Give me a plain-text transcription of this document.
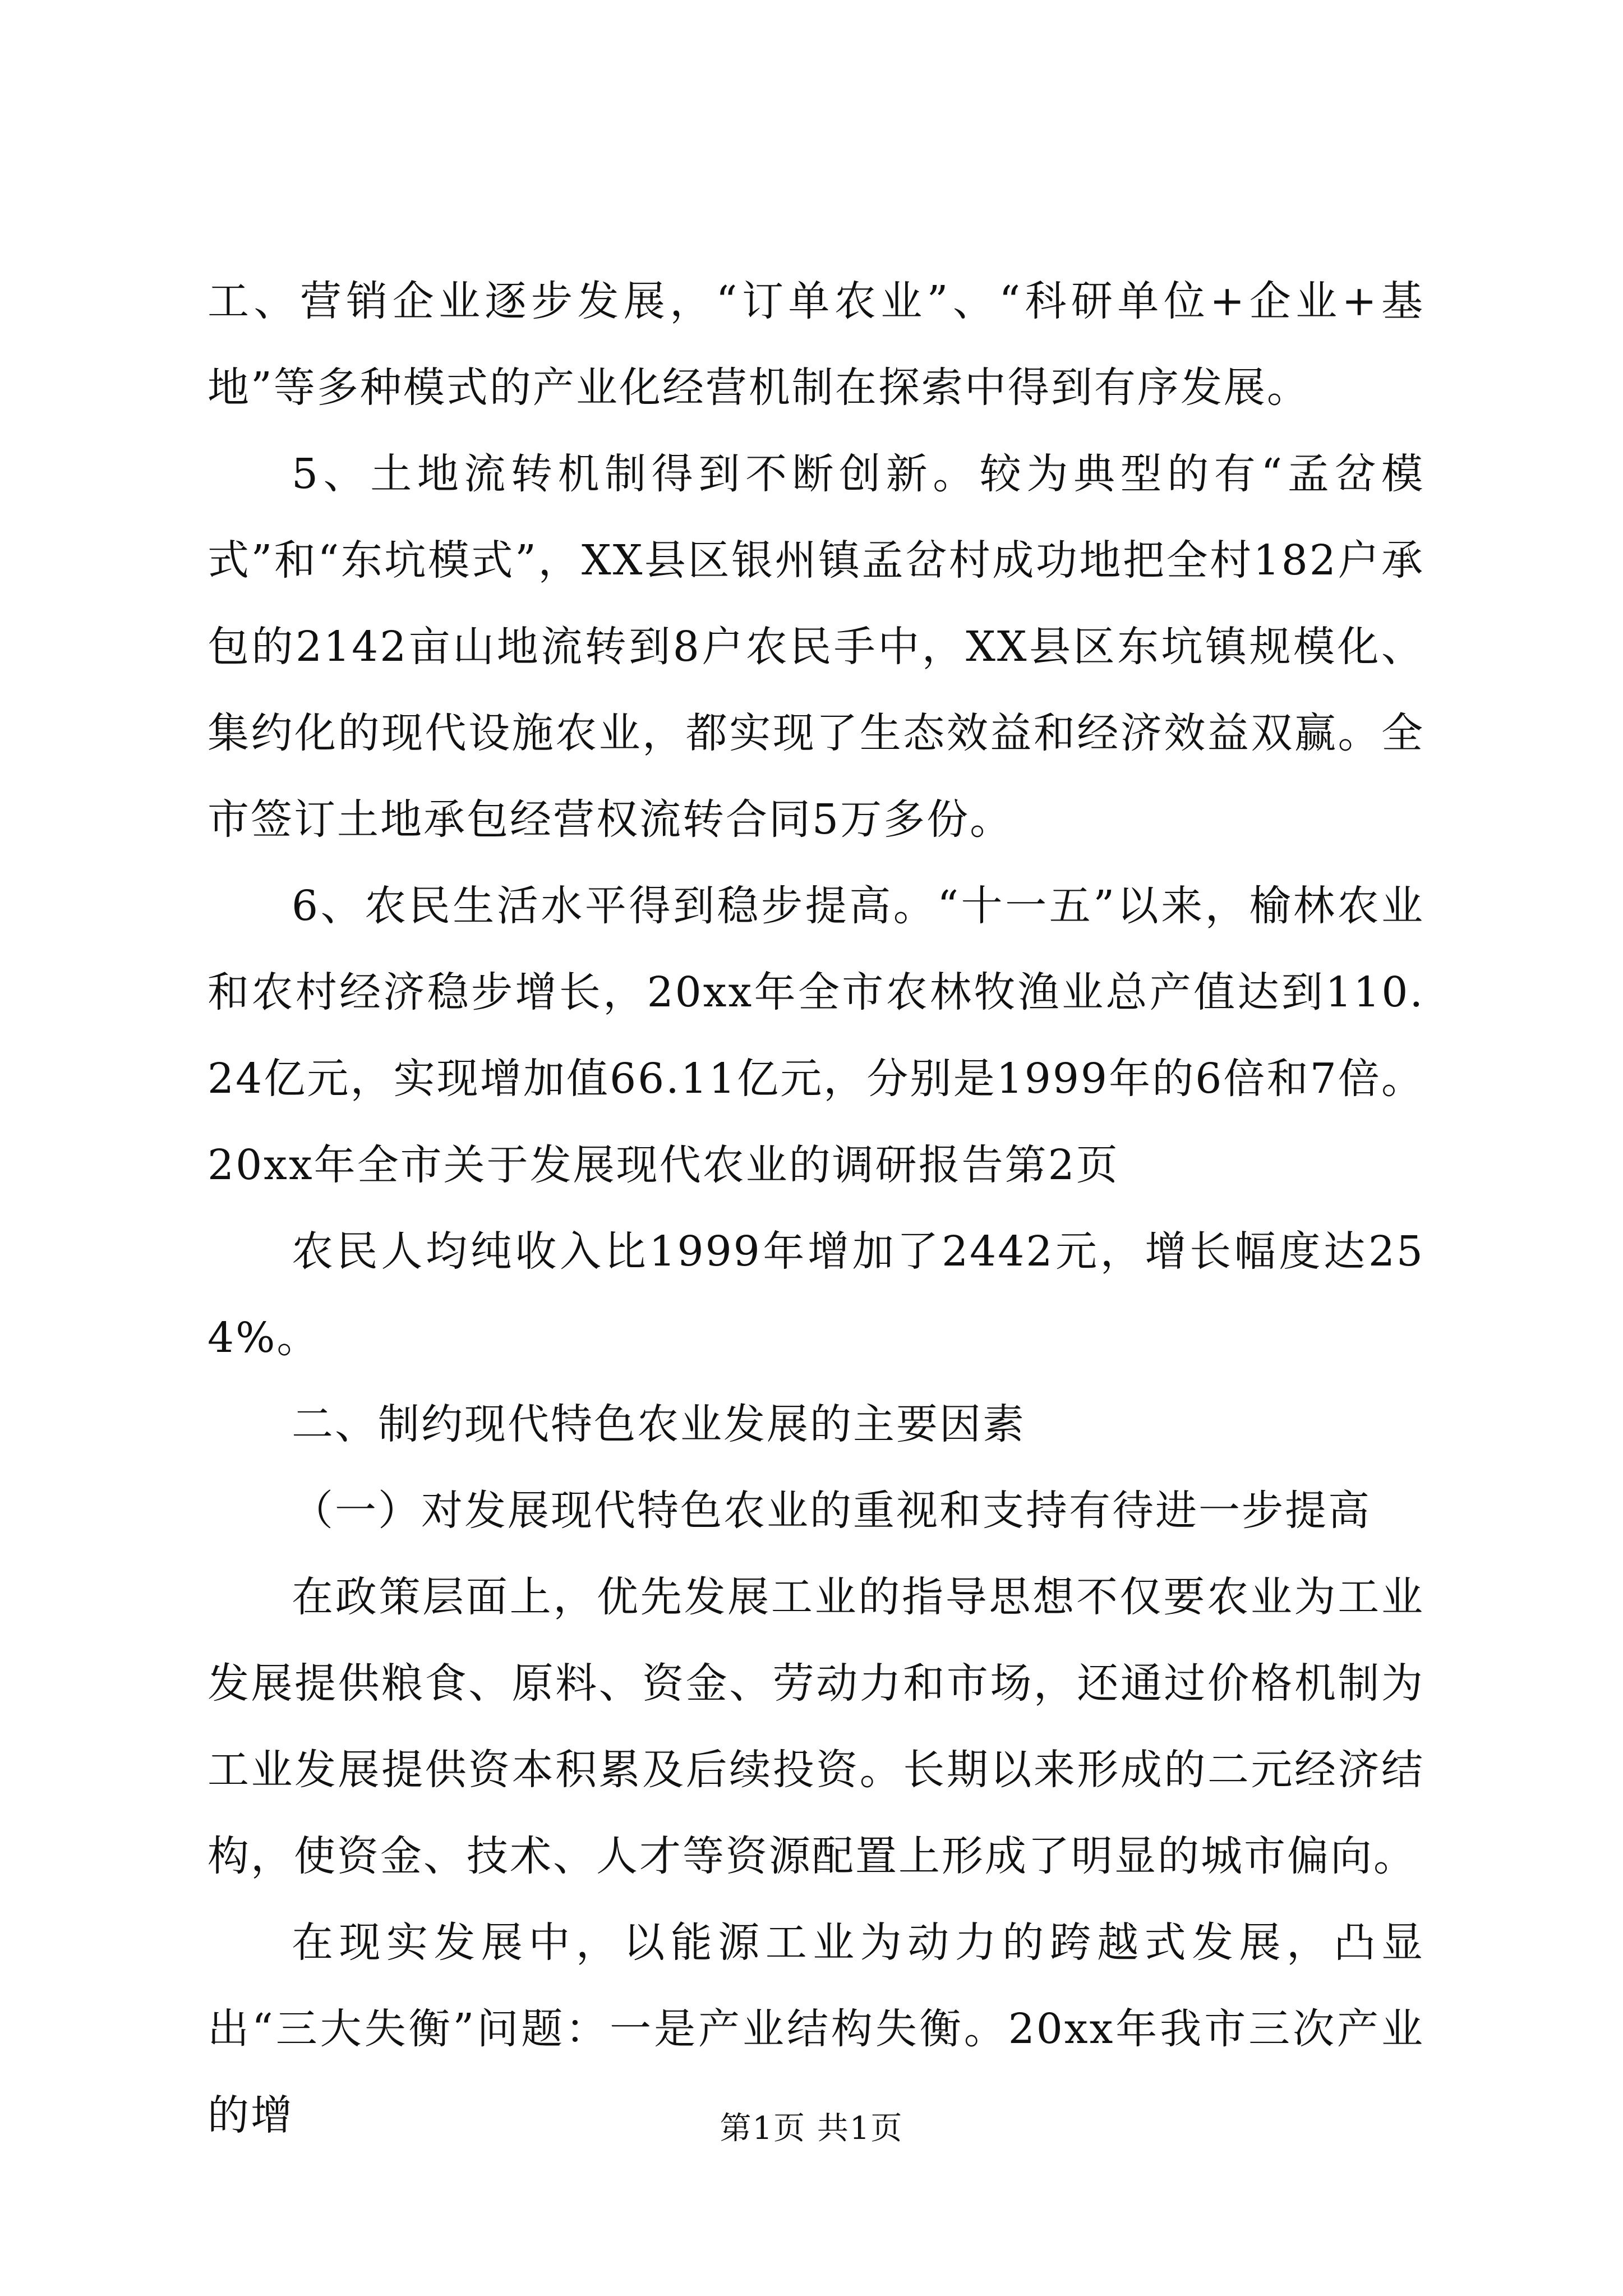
工、营销企业逐步发展，“订单农业”、“科研单位+企业+基地”等多种模式的产业化经营机制在探索中得到有序发展。

5、土地流转机制得到不断创新。较为典型的有“孟岔模式”和“东坑模式”，XX县区银州镇孟岔村成功地把全村182户承包的2142亩山地流转到8户农民手中，XX县区东坑镇规模化、集约化的现代设施农业，都实现了生态效益和经济效益双赢。全市签订土地承包经营权流转合同5万多份。

6、农民生活水平得到稳步提高。“十一五”以来，榆林农业和农村经济稳步增长，20xx年全市农林牧渔业总产值达到110.24亿元，实现增加值66.11亿元，分别是1999年的6倍和7倍。20xx年全市关于发展现代农业的调研报告第2页

农民人均纯收入比1999年增加了2442元，增长幅度达254%。

二、制约现代特色农业发展的主要因素

（一）对发展现代特色农业的重视和支持有待进一步提高

在政策层面上，优先发展工业的指导思想不仅要农业为工业发展提供粮食、原料、资金、劳动力和市场，还通过价格机制为工业发展提供资本积累及后续投资。长期以来形成的二元经济结构，使资金、技术、人才等资源配置上形成了明显的城市偏向。

在现实发展中，以能源工业为动力的跨越式发展，凸显出“三大失衡”问题：一是产业结构失衡。20xx年我市三次产业的增	第1页 共1页
